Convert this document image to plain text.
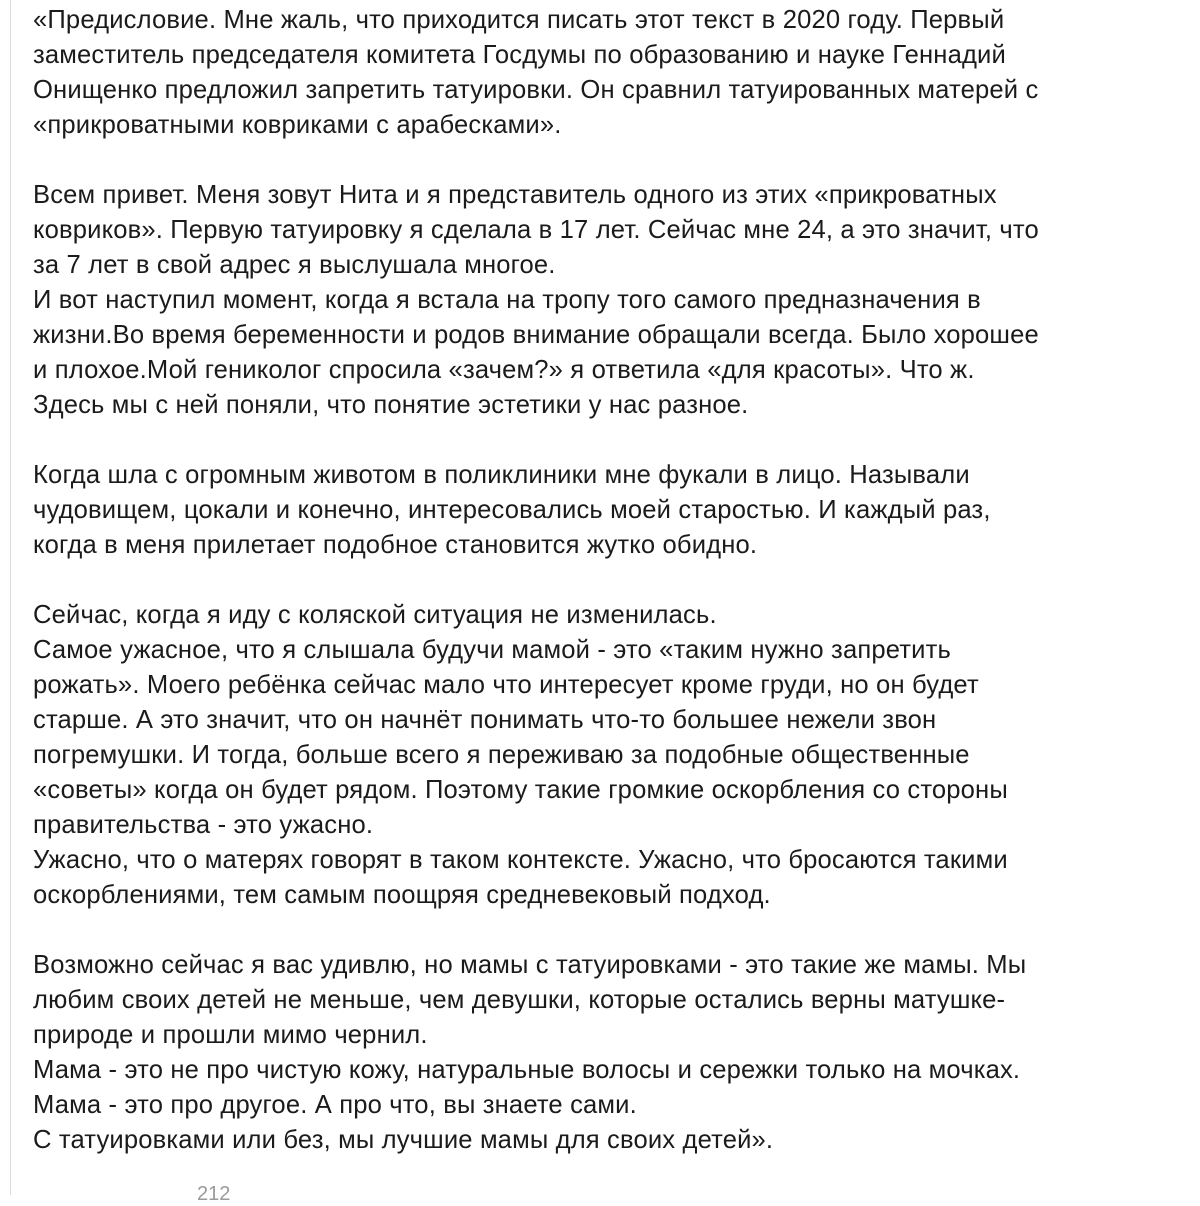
«Предисловие. Мне жаль, что приходится писать этот текст в 2020 году. Первый
заместитель председателя комитета Госдумы по образованию и науке Геннадий
Онищенко предложил запретить татуировки. Он сравнил татуированных матерей с
«прикроватными ковриками с арабесками».
Всем привет. Меня зовут Нита и я представитель одного из этих «прикроватных
ковриков». Первую татуировку я сделала в 17 лет. Сейчас мне 24, а это значит, что
за 7 лет в свой адрес я выслушала многое.
И вот наступил момент, когда я встала на тропу того самого предназначения в
жизни.Во время беременности и родов внимание обращали всегда. Было хорошее
и плохое.Мой гениколог спросила «зачем?» я ответила «для красоты». Что ж.
Здесь мы с ней поняли, что понятие эстетики у нас разное.
Когда шла с огромным животом в поликлиники мне фукали в лицо. Называли
чудовищем, цокали и конечно, интересовались моей старостью. И каждый раз,
когда в меня прилетает подобное становится жутко обидно.
Сейчас, когда я иду с коляской ситуация не изменилась.
Самое ужасное, что я слышала будучи мамой - это «таким нужно запретить
рожать». Моего ребёнка сейчас мало что интересует кроме груди, но он будет
старше. А это значит, что он начнёт понимать что-то большее нежели звон
погремушки. И тогда, больше всего я переживаю за подобные общественные
«советы» когда он будет рядом. Поэтому такие громкие оскорбления со стороны
правительства - это ужасно.
Ужасно, что о матерях говорят в таком контексте. Ужасно, что бросаются такими
оскорблениями, тем самым поощряя средневековый подход.
Возможно сейчас я вас удивлю, но мамы с татуировками - это такие же мамы. Мы
любим своих детей не меньше, чем девушки, которые остались верны матушке-
природе и прошли мимо чернил.
Мама - это не про чистую кожу, натуральные волосы и сережки только на мочках.
Мама - это про другое. А про что, вы знаете сами.
С татуировками или без, мы лучшие мамы для своих детей».
212
